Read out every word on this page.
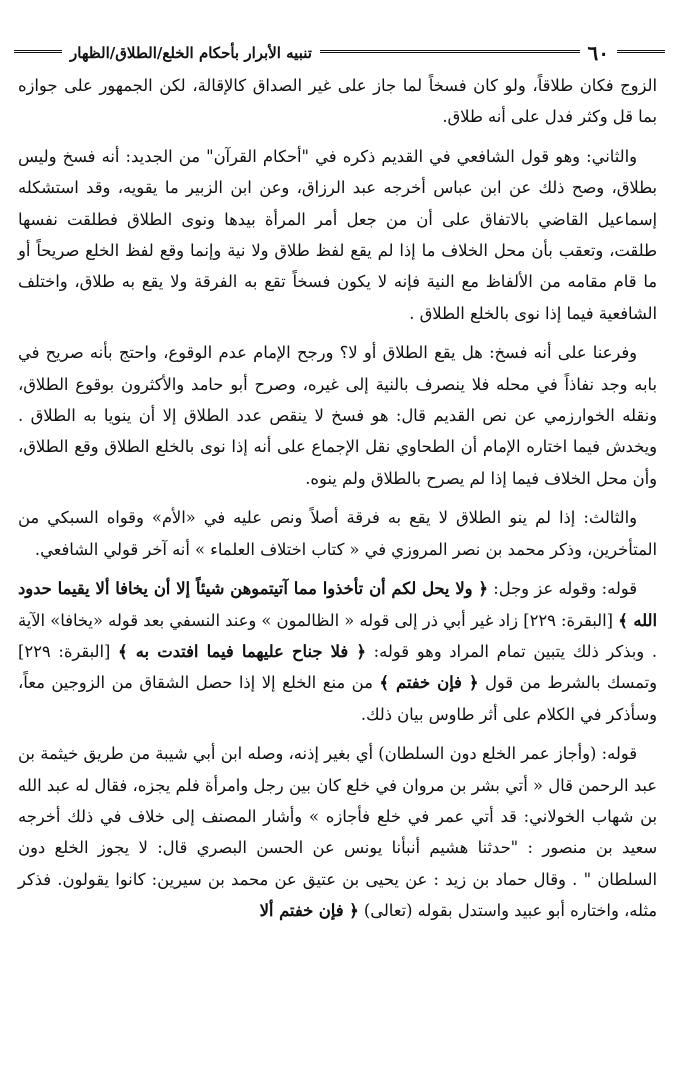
٦٠
تنبيه الأبرار بأحكام الخلع/الطلاق/الظهار

الزوج فكان طلاقاً، ولو كان فسخاً لما جاز على غير الصداق كالإقالة، لكن الجمهور على جوازه بما قل وكثر فدل على أنه طلاق.

والثاني: وهو قول الشافعي في القديم ذكره في "أحكام القرآن" من الجديد: أنه فسخ وليس بطلاق، وصح ذلك عن ابن عباس أخرجه عبد الرزاق، وعن ابن الزبير ما يقويه، وقد استشكله إسماعيل القاضي بالاتفاق على أن من جعل أمر المرأة بيدها ونوى الطلاق فطلقت نفسها طلقت، وتعقب بأن محل الخلاف ما إذا لم يقع لفظ طلاق ولا نية وإنما وقع لفظ الخلع صريحاً أو ما قام مقامه من الألفاظ مع النية فإنه لا يكون فسخاً تقع به الفرقة ولا يقع به طلاق، واختلف الشافعية فيما إذا نوى بالخلع الطلاق .

وفرعنا على أنه فسخ: هل يقع الطلاق أو لا؟ ورجح الإمام عدم الوقوع، واحتج بأنه صريح في بابه وجد نفاذاً في محله فلا ينصرف بالنية إلى غيره، وصرح أبو حامد والأكثرون بوقوع الطلاق، ونقله الخوارزمي عن نص القديم قال: هو فسخ لا ينقص عدد الطلاق إلا أن ينويا به الطلاق . ويخدش فيما اختاره الإمام أن الطحاوي نقل الإجماع على أنه إذا نوى بالخلع الطلاق وقع الطلاق، وأن محل الخلاف فيما إذا لم يصرح بالطلاق ولم ينوه.

والثالث: إذا لم ينو الطلاق لا يقع به فرقة أصلاً ونص عليه في «الأم» وقواه السبكي من المتأخرين، وذكر محمد بن نصر المروزي في « كتاب اختلاف العلماء » أنه آخر قولي الشافعي.

قوله: وقوله عز وجل: ﴿ ولا يحل لكم أن تأخذوا مما آتيتموهن شيئاً إلا أن يخافا ألا يقيما حدود الله ﴾ [البقرة: ٢٢٩] زاد غير أبي ذر إلى قوله « الظالمون » وعند النسفي بعد قوله «يخافا» الآية . وبذكر ذلك يتبين تمام المراد وهو قوله: ﴿ فلا جناح عليهما فيما افتدت به ﴾ [البقرة: ٢٢٩] وتمسك بالشرط من قول ﴿ فإن خفتم ﴾ من منع الخلع إلا إذا حصل الشقاق من الزوجين معاً، وسأذكر في الكلام على أثر طاوس بيان ذلك.

قوله: (وأجاز عمر الخلع دون السلطان) أي بغير إذنه، وصله ابن أبي شيبة من طريق خيثمة بن عبد الرحمن قال « أتي بشر بن مروان في خلع كان بين رجل وامرأة فلم يجزه، فقال له عبد الله بن شهاب الخولاني: قد أتي عمر في خلع فأجازه » وأشار المصنف إلى خلاف في ذلك أخرجه سعيد بن منصور : "حدثنا هشيم أنبأنا يونس عن الحسن البصري قال: لا يجوز الخلع دون السلطان " . وقال حماد بن زيد : عن يحيى بن عتيق عن محمد بن سيرين: كانوا يقولون. فذكر مثله، واختاره أبو عبيد واستدل بقوله (تعالى) ﴿ فإن خفتم ألا
